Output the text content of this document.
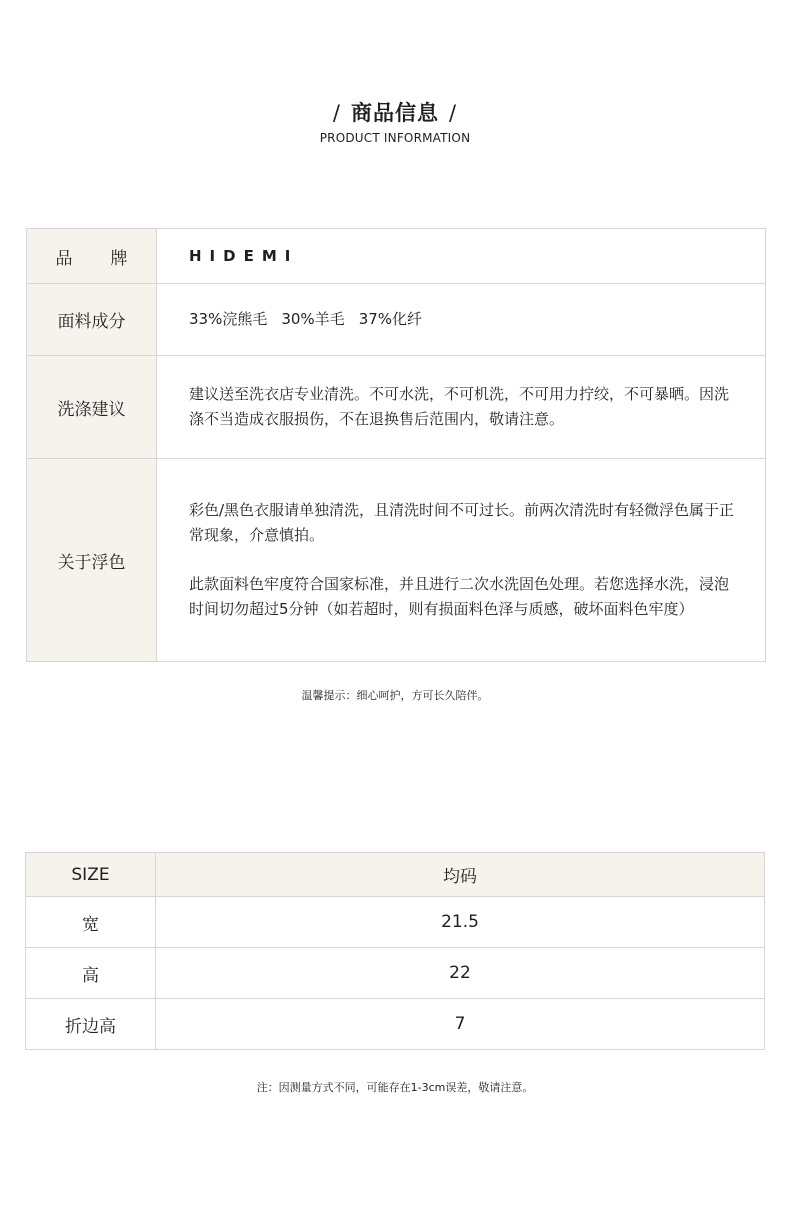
/ 商品信息 /
PRODUCT INFORMATION
品 牌	HIDEMI
面料成分	33%浣熊毛 30%羊毛 37%化纤
洗涤建议	建议送至洗衣店专业清洗。不可水洗，不可机洗，不可用力拧绞，不可暴晒。因洗涤不当造成衣服损伤，不在退换售后范围内，敬请注意。
关于浮色	彩色/黑色衣服请单独清洗，且清洗时间不可过长。前两次清洗时有轻微浮色属于正常现象，介意慎拍。
此款面料色牢度符合国家标准，并且进行二次水洗固色处理。若您选择水洗，浸泡时间切勿超过5分钟（如若超时，则有损面料色泽与质感，破坏面料色牢度）
温馨提示：细心呵护，方可长久陪伴。
SIZE	均码
宽	21.5
高	22
折边高	7
注：因测量方式不同，可能存在1-3cm误差，敬请注意。
